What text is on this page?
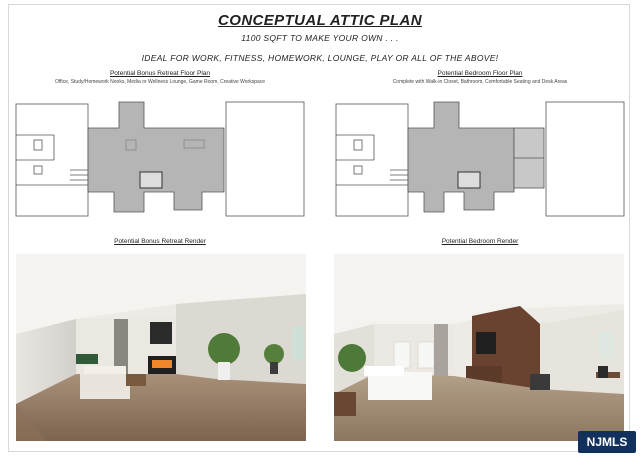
CONCEPTUAL ATTIC PLAN
1100 SQFT TO MAKE YOUR OWN . . .
IDEAL FOR WORK, FITNESS, HOMEWORK, LOUNGE, PLAY OR ALL OF THE ABOVE!
Potential Bonus Retreat Floor Plan
Office, Study/Homework Nooks, Media or Wellness Lounge, Game Room, Creative Workspace
Potential Bedroom Floor Plan
Complete with Walk-in Closet, Bathroom, Comfortable Seating and Desk Areas
Potential Bonus Retreat Render	Potential Bedroom Render
NJMLS
